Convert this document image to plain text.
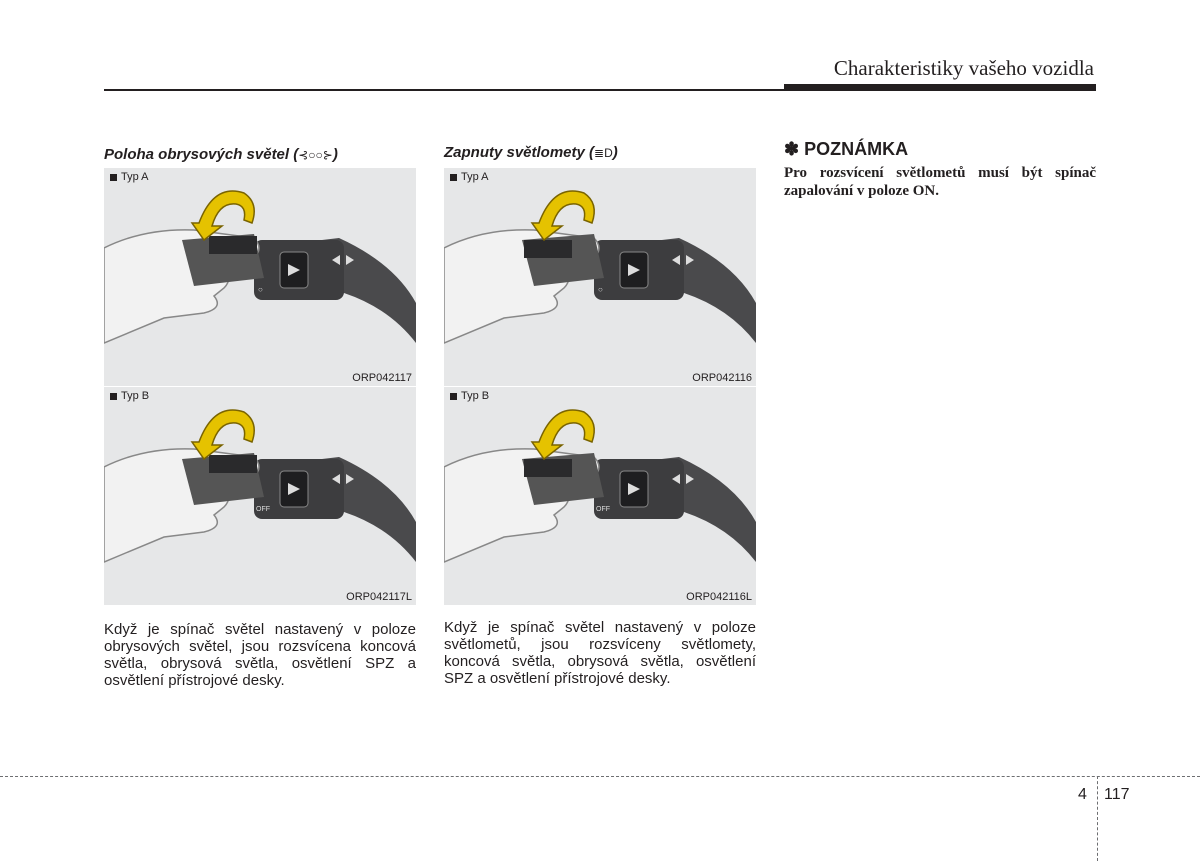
Charakteristiky vašeho vozidla
Poloha obrysových světel (⊰○○⊱)
○
Typ A
ORP042117
OFF
Typ B
ORP042117L
Když je spínač světel nastavený v poloze obrysových světel, jsou rozsvícena koncová světla, obrysová světla, osvětlení SPZ a osvětlení přístrojové desky.
Zapnuty světlomety (≣D)
○
Typ A
ORP042116
OFF
Typ B
ORP042116L
Když je spínač světel nastavený v poloze světlometů, jsou rozsvíceny světlomety, koncová světla, obrysová světla, osvětlení SPZ a osvětlení přístrojové desky.
✽ POZNÁMKA
Pro rozsvícení světlometů musí být spínač zapalování v poloze ON.
4 117
